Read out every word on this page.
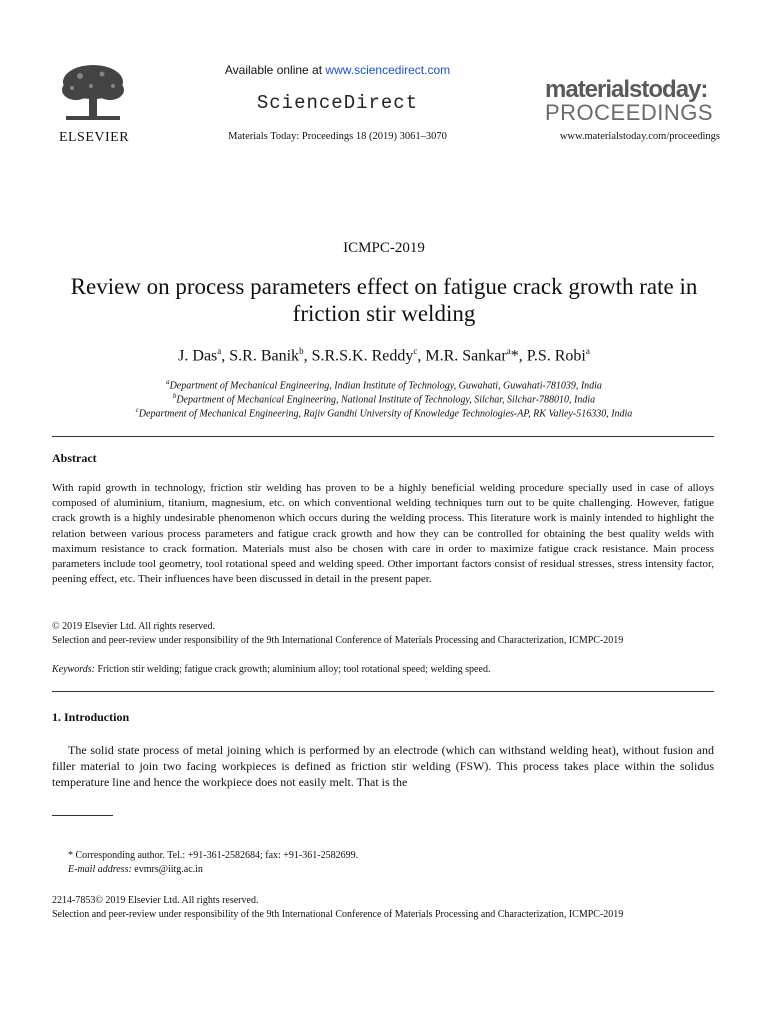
ELSEVIER
Available online at www.sciencedirect.com
ScienceDirect
Materials Today: Proceedings 18 (2019) 3061–3070
materialstoday:
PROCEEDINGS
www.materialstoday.com/proceedings
ICMPC-2019
Review on process parameters effect on fatigue crack growth rate in friction stir welding
J. Das$^a$, S.R. Banik$^b$, S.R.S.K. Reddy$^c$, M.R. Sankar$^a$*, P.S. Robi$^a$
$^a$Department of Mechanical Engineering, Indian Institute of Technology, Guwahati, Guwahati-781039, India
$^b$Department of Mechanical Engineering, National Institute of Technology, Silchar, Silchar-788010, India
$^c$Department of Mechanical Engineering, Rajiv Gandhi University of Knowledge Technologies-AP, RK Valley-516330, India
Abstract
With rapid growth in technology, friction stir welding has proven to be a highly beneficial welding procedure specially used in case of alloys composed of aluminium, titanium, magnesium, etc. on which conventional welding techniques turn out to be quite challenging. However, fatigue crack growth is a highly undesirable phenomenon which occurs during the welding process. This literature work is mainly intended to highlight the relation between various process parameters and fatigue crack growth and how they can be controlled for obtaining the best quality welds with maximum resistance to crack formation. Materials must also be chosen with care in order to maximize fatigue crack resistance. Main process parameters include tool geometry, tool rotational speed and welding speed. Other important factors consist of residual stresses, stress intensity factor, peening effect, etc. Their influences have been discussed in detail in the present paper.
© 2019 Elsevier Ltd. All rights reserved.
Selection and peer-review under responsibility of the 9th International Conference of Materials Processing and Characterization, ICMPC-2019
Keywords: Friction stir welding; fatigue crack growth; aluminium alloy; tool rotational speed; welding speed.
1. Introduction
The solid state process of metal joining which is performed by an electrode (which can withstand welding heat), without fusion and filler material to join two facing workpieces is defined as friction stir welding (FSW). This process takes place within the solidus temperature line and hence the workpiece does not easily melt. That is the
* Corresponding author. Tel.: +91-361-2582684; fax: +91-361-2582699.
E-mail address: evmrs@iitg.ac.in
2214-7853© 2019 Elsevier Ltd. All rights reserved.
Selection and peer-review under responsibility of the 9th International Conference of Materials Processing and Characterization, ICMPC-2019
